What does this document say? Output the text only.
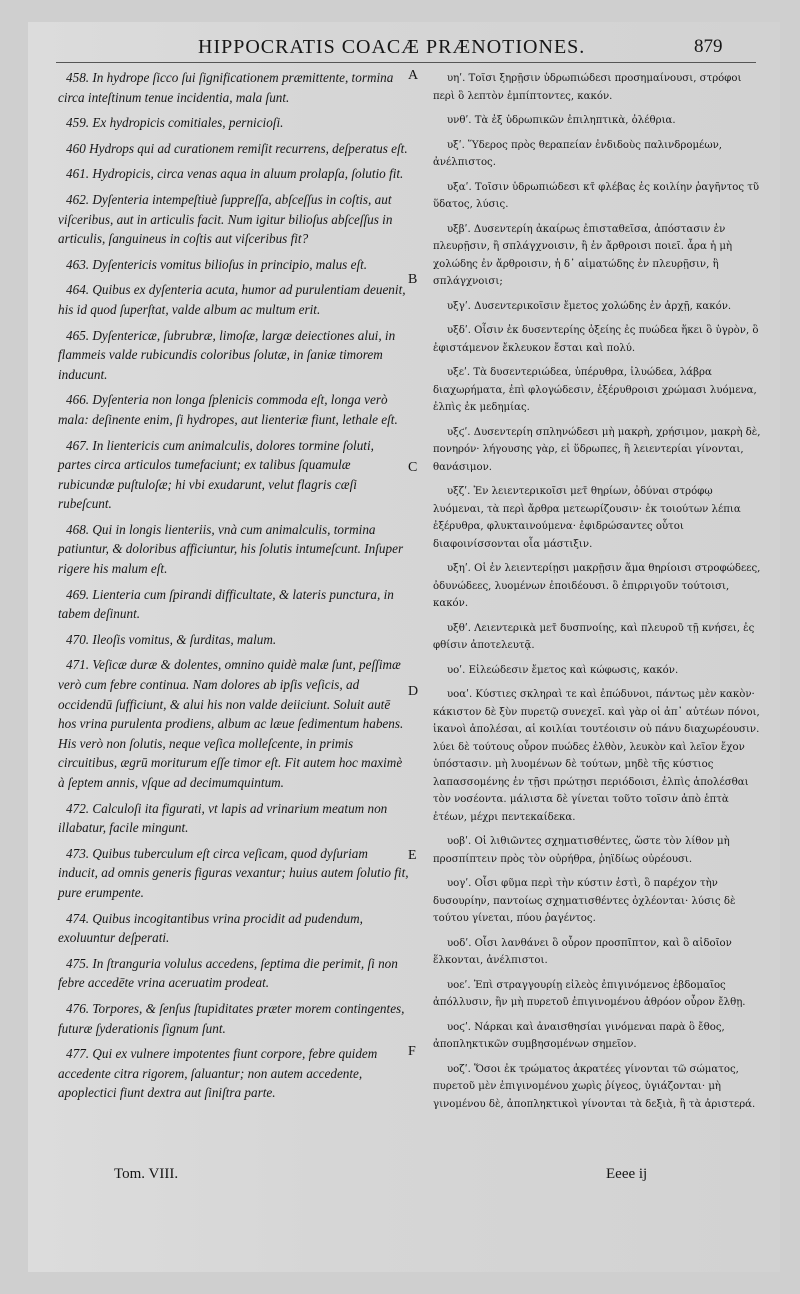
HIPPOCRATIS COACÆ PRÆNOTIONES.	879

458. In hydrope ſicco ſui ſignificationem præmittente, tormina circa inteſtinum tenue incidentia, mala ſunt.

459. Ex hydropicis comitiales, pernicioſi.

460 Hydrops qui ad curationem remiſit recurrens, deſperatus eſt.

461. Hydropicis, circa venas aqua in aluum prolapſa, ſolutio fit.

462. Dyſenteria intempeſtiuè ſuppreſſa, abſceſſus in coſtis, aut viſceribus, aut in articulis facit. Num igitur bilioſus abſceſſus in articulis, ſanguineus in coſtis aut viſceribus fit?

463. Dyſentericis vomitus bilioſus in principio, malus eſt.

464. Quibus ex dyſenteria acuta, humor ad purulentiam deuenit, his id quod ſuperſtat, valde album ac multum erit.

465. Dyſentericæ, ſubrubræ, limoſæ, largæ deiectiones alui, in flammeis valde rubicundis coloribus ſolutæ, in ſaniæ timorem inducunt.

466. Dyſenteria non longa ſplenicis commoda eſt, longa verò mala: deſinente enim, ſi hydropes, aut lienteriæ fiunt, lethale eſt.

467. In lientericis cum animalculis, dolores tormine ſoluti, partes circa articulos tumefaciunt; ex talibus ſquamulæ rubicundæ puſtuloſæ; hi vbi exudarunt, velut flagris cæſi rubeſcunt.

468. Qui in longis lienteriis, vnà cum animalculis, tormina patiuntur, & doloribus afficiuntur, his ſolutis intumeſcunt. Inſuper rigere his malum eſt.

469. Lienteria cum ſpirandi difficultate, & lateris punctura, in tabem deſinunt.

470. Ileoſis vomitus, & ſurditas, malum.

471. Veſicæ duræ & dolentes, omnino quidè malæ ſunt, peſſimæ verò cum febre continua. Nam dolores ab ipſis veſicis, ad occidendū ſufficiunt, & alui his non valde deiiciunt. Soluit autē hos vrina purulenta prodiens, album ac læue ſedimentum habens. His verò non ſolutis, neque veſica molleſcente, in primis circuitibus, ægrū moriturum eſſe timor eſt. Fit autem hoc maximè à ſeptem annis, vſque ad decimumquintum.

472. Calculoſi ita figurati, vt lapis ad vrinarium meatum non illabatur, facile mingunt.

473. Quibus tuberculum eſt circa veſicam, quod dyſuriam inducit, ad omnis generis figuras vexantur; huius autem ſolutio fit, pure erumpente.

474. Quibus incogitantibus vrina procidit ad pudendum, exoluuntur deſperati.

475. In ſtranguria volulus accedens, ſeptima die perimit, ſi non febre accedēte vrina aceruatim prodeat.

476. Torpores, & ſenſus ſtupiditates præter morem contingentes, futuræ ſyderationis ſignum ſunt.

477. Qui ex vulnere impotentes fiunt corpore, febre quidem accedente citra rigorem, ſaluantur; non autem accedente, apoplectici fiunt dextra aut ſiniſtra parte.

A
B
C
D
E
F

υηʹ. Τοῖσι ξηρῇσιν ὑδρωπιώδεσι προσημαίνουσι, στρόφοι περὶ ὃ λεπτὸν ἐμπίπτοντες, κακόν.

υνθʹ. Τὰ ἐξ ὑδρωπικῶν ἐπιληπτικὰ, ὀλέθρια.

υξʹ. Ὕδερος πρὸς θεραπείαν ἐνδιδοὺς παλινδρομέων, ἀνέλπιστος.

υξαʹ. Τοῖσιν ὑδρωπιώδεσι κτ̄ φλέβας ἐς κοιλίην ῥαγῆντος τῦ ὕδατος, λύσις.

υξβʹ. Δυσεντερίη ἀκαίρως ἐπισταθεῖσα, ἀπόστασιν ἐν πλευρῇσιν, ἢ σπλάγχνοισιν, ἢ ἐν ἄρθροισι ποιεῖ. ἆρα ἡ μὴ χολώδης ἐν ἄρθροισιν, ἡ δ᾽ αἱματώδης ἐν πλευρῇσιν, ἢ σπλάγχνοισι;

υξγʹ. Δυσεντερικοῖσιν ἔμετος χολώδης ἐν ἀρχῇ, κακόν.

υξδʹ. Οἷσιν ἐκ δυσεντερίης ὀξείης ἐς πυώδεα ἥκει ὃ ὑγρὸν, ὃ ἐφιστάμενον ἔκλευκον ἔσται καὶ πολύ.

υξεʹ. Τὰ δυσεντεριώδεα, ὑπέρυθρα, ἰλυώδεα, λάβρα διαχωρήματα, ἐπὶ φλογώδεσιν, ἐξέρυθροισι χρώμασι λυόμενα, ἐλπὶς ἐκ μεδημίας.

υξϛʹ. Δυσεντερίη σπληνώδεσι μὴ μακρὴ, χρήσιμον, μακρὴ δὲ, πονηρόν· λήγουσης γὰρ, εἰ ὕδρωπες, ἢ λειεντερίαι γίνονται, θανάσιμον.

υξζʹ. Ἐν λειεντερικοῖσι μετ̄ θηρίων, ὀδύναι στρόφῳ λυόμεναι, τὰ περὶ ἄρθρα μετεωρίζουσιν· ἐκ τοιούτων λέπια ἐξέρυθρα, φλυκταινούμενα· ἐφιδρώσαντες οὗτοι διαφοινίσσονται οἷα μάστιξιν.

υξηʹ. Οἱ ἐν λειεντερίῃσι μακρῇσιν ἅμα θηρίοισι στροφώδεες, ὀδυνώδεες, λυομένων ἐποιδέουσι. ὃ ἐπιρριγοῦν τούτοισι, κακόν.

υξθʹ. Λειεντερικὰ μετ̄ δυσπνοίης, καὶ πλευροῦ τῇ κνήσει, ἐς φθίσιν ἀποτελευτᾷ.

υοʹ. Εἰλεώδεσιν ἔμετος καὶ κώφωσις, κακόν.

υοαʹ. Κύστιες σκληραὶ τε καὶ ἐπώδυνοι, πάντως μὲν κακὸν· κάκιστον δὲ ξὺν πυρετῷ συνεχεῖ. καὶ γὰρ οἱ ἀπ᾽ αὐτέων πόνοι, ἱκανοὶ ἀπολέσαι, αἱ κοιλίαι τουτέοισιν οὐ πάνυ διαχωρέουσιν. λύει δὲ τούτους οὖρον πυώδες ἐλθὸν, λευκὸν καὶ λεῖον ἔχον ὑπόστασιν. μὴ λυομένων δὲ τούτων, μηδὲ τῆς κύστιος λαπασσομένης ἐν τῇσι πρώτῃσι περιόδοισι, ἐλπὶς ἀπολέσθαι τὸν νοσέοντα. μάλιστα δὲ γίνεται τοῦτο τοῖσιν ἀπὸ ἑπτὰ ἐτέων, μέχρι πεντεκαίδεκα.

υοβʹ. Οἱ λιθιῶντες σχηματισθέντες, ὥστε τὸν λίθον μὴ προσπίπτειν πρὸς τὸν οὐρήθρα, ῥηϊδίως οὐρέουσι.

υογʹ. Οἷσι φῦμα περὶ τὴν κύστιν ἐστὶ, ὃ παρέχον τὴν δυσουρίην, παντοίως σχηματισθέντες ὀχλέονται· λύσις δὲ τούτου γίνεται, πύου ῥαγέντος.

υοδʹ. Οἷσι λανθάνει ὃ οὖρον προσπῖπτον, καὶ ὃ αἰδοῖον ἕλκονται, ἀνέλπιστοι.

υοεʹ. Ἐπὶ στραγγουρίῃ εἰλεὸς ἐπιγινόμενος ἑβδομαῖος ἀπόλλυσιν, ἢν μὴ πυρετοῦ ἐπιγινομένου ἀθρόον οὖρον ἔλθῃ.

υοϛʹ. Νάρκαι καὶ ἀναισθησίαι γινόμεναι παρὰ ὃ ἔθος, ἀποπληκτικῶν συμβησομένων σημεῖον.

υοζʹ. Ὅσοι ἐκ τρώματος ἀκρατέες γίνονται τῶ σώματος, πυρετοῦ μὲν ἐπιγινομένου χωρὶς ῥίγεος, ὑγιάζονται· μὴ γινομένου δὲ, ἀποπληκτικοὶ γίνονται τὰ δεξιὰ, ἢ τὰ ἀριστερά.

Tom. VIII.	Eeee ij
